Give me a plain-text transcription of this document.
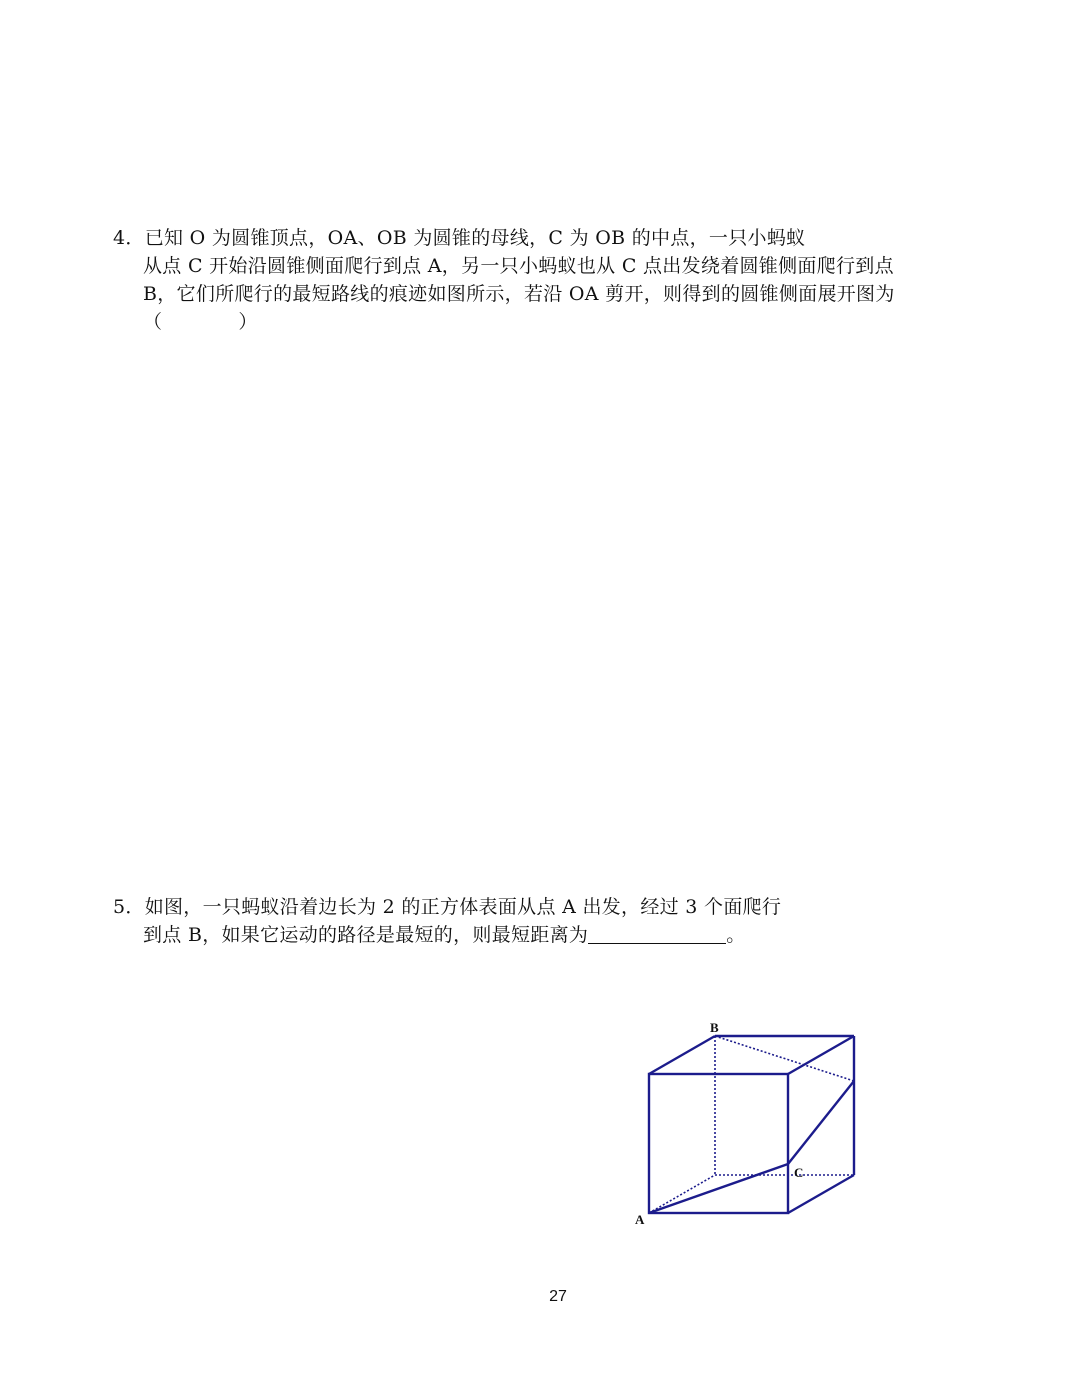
4．已知 O 为圆锥顶点，OA、OB 为圆锥的母线，C 为 OB 的中点，一只小蚂蚁
从点 C 开始沿圆锥侧面爬行到点 A，另一只小蚂蚁也从 C 点出发绕着圆锥侧面爬行到点
B，它们所爬行的最短路线的痕迹如图所示，若沿 OA 剪开，则得到的圆锥侧面展开图为
（	）
5．如图，一只蚂蚁沿着边长为 2 的正方体表面从点 A 出发，经过 3 个面爬行
到点 B，如果它运动的路径是最短的，则最短距离为	。
B
C
A
27
